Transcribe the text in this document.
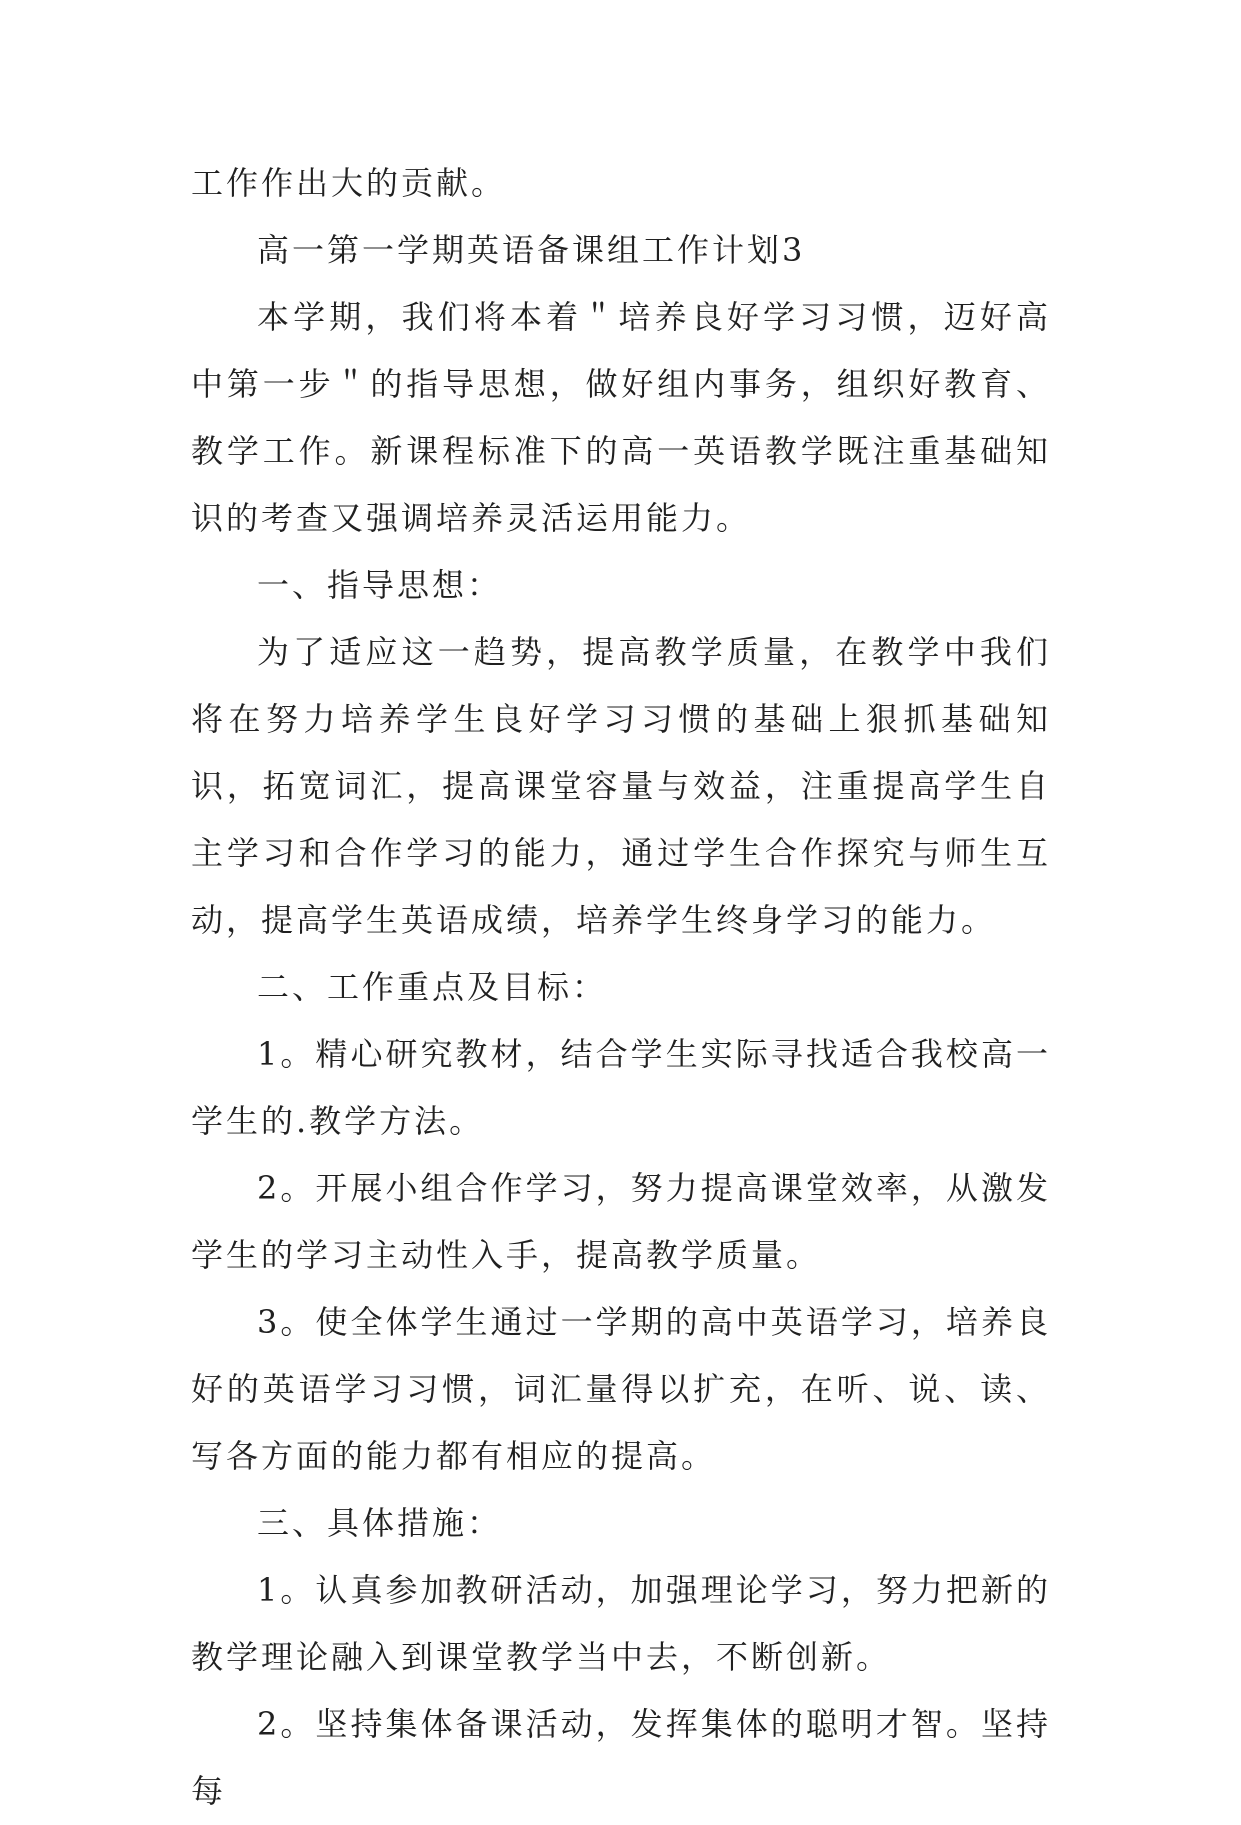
工作作出大的贡献。

高一第一学期英语备课组工作计划3

本学期，我们将本着＂培养良好学习习惯，迈好高中第一步＂的指导思想，做好组内事务，组织好教育、教学工作。新课程标准下的高一英语教学既注重基础知识的考查又强调培养灵活运用能力。

一、指导思想：

为了适应这一趋势，提高教学质量，在教学中我们将在努力培养学生良好学习习惯的基础上狠抓基础知识，拓宽词汇，提高课堂容量与效益，注重提高学生自主学习和合作学习的能力，通过学生合作探究与师生互动，提高学生英语成绩，培养学生终身学习的能力。

二、工作重点及目标：

1。精心研究教材，结合学生实际寻找适合我校高一学生的.教学方法。

2。开展小组合作学习，努力提高课堂效率，从激发学生的学习主动性入手，提高教学质量。

3。使全体学生通过一学期的高中英语学习，培养良好的英语学习习惯，词汇量得以扩充，在听、说、读、写各方面的能力都有相应的提高。

三、具体措施：

1。认真参加教研活动，加强理论学习，努力把新的教学理论融入到课堂教学当中去，不断创新。

2。坚持集体备课活动，发挥集体的聪明才智。坚持每
